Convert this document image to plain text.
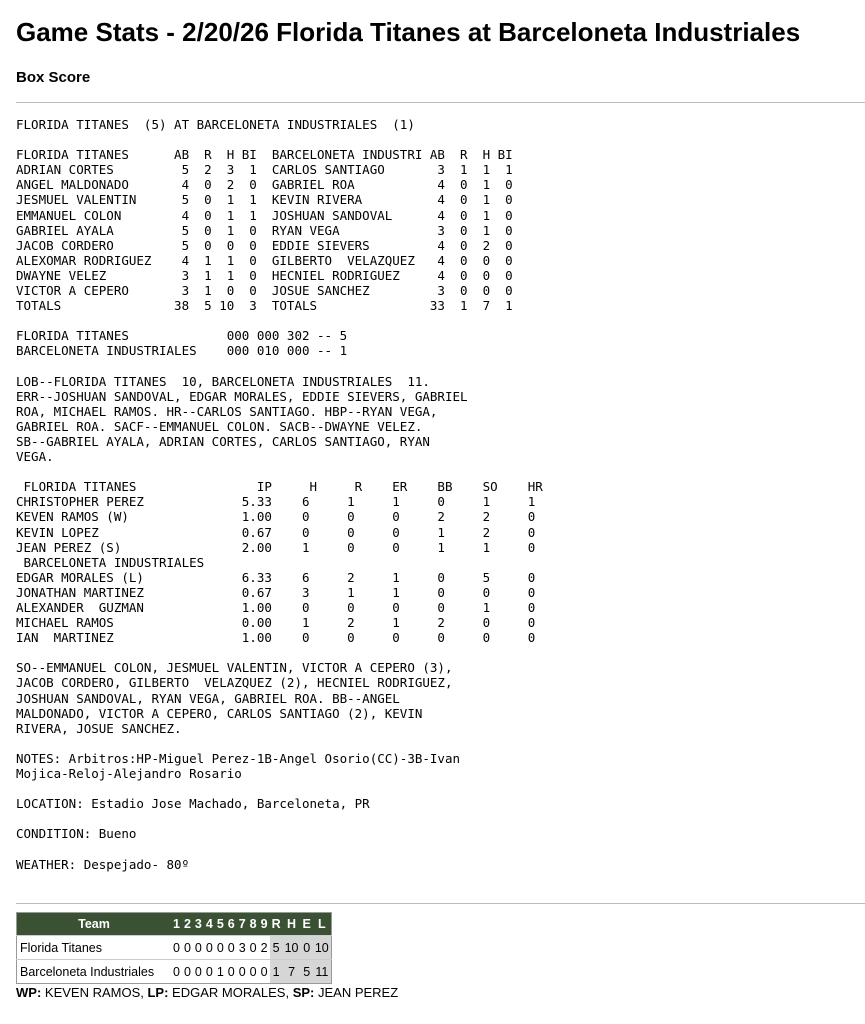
Game Stats - 2/20/26 Florida Titanes at Barceloneta Industriales
Box Score
FLORIDA TITANES  (5) AT BARCELONETA INDUSTRIALES  (1)

FLORIDA TITANES      AB  R  H BI  BARCELONETA INDUSTRI AB  R  H BI
ADRIAN CORTES         5  2  3  1  CARLOS SANTIAGO       3  1  1  1
ANGEL MALDONADO       4  0  2  0  GABRIEL ROA           4  0  1  0
JESMUEL VALENTIN      5  0  1  1  KEVIN RIVERA          4  0  1  0
EMMANUEL COLON        4  0  1  1  JOSHUAN SANDOVAL      4  0  1  0
GABRIEL AYALA         5  0  1  0  RYAN VEGA             3  0  1  0
JACOB CORDERO         5  0  0  0  EDDIE SIEVERS         4  0  2  0
ALEXOMAR RODRIGUEZ    4  1  1  0  GILBERTO  VELAZQUEZ   4  0  0  0
DWAYNE VELEZ          3  1  1  0  HECNIEL RODRIGUEZ     4  0  0  0
VICTOR A CEPERO       3  1  0  0  JOSUE SANCHEZ         3  0  0  0
TOTALS               38  5 10  3  TOTALS               33  1  7  1

FLORIDA TITANES             000 000 302 -- 5
BARCELONETA INDUSTRIALES    000 010 000 -- 1

LOB--FLORIDA TITANES  10, BARCELONETA INDUSTRIALES  11.
ERR--JOSHUAN SANDOVAL, EDGAR MORALES, EDDIE SIEVERS, GABRIEL
ROA, MICHAEL RAMOS. HR--CARLOS SANTIAGO. HBP--RYAN VEGA,
GABRIEL ROA. SACF--EMMANUEL COLON. SACB--DWAYNE VELEZ.
SB--GABRIEL AYALA, ADRIAN CORTES, CARLOS SANTIAGO, RYAN
VEGA.

FLORIDA TITANES                IP     H     R    ER    BB    SO    HR
CHRISTOPHER PEREZ             5.33    6     1     1     0     1     1
KEVEN RAMOS (W)               1.00    0     0     0     2     2     0
KEVIN LOPEZ                   0.67    0     0     0     1     2     0
JEAN PEREZ (S)                2.00    1     0     0     1     1     0
BARCELONETA INDUSTRIALES
EDGAR MORALES (L)             6.33    6     2     1     0     5     0
JONATHAN MARTINEZ             0.67    3     1     1     0     0     0
ALEXANDER  GUZMAN             1.00    0     0     0     0     1     0
MICHAEL RAMOS                 0.00    1     2     1     2     0     0
IAN  MARTINEZ                 1.00    0     0     0     0     0     0

SO--EMMANUEL COLON, JESMUEL VALENTIN, VICTOR A CEPERO (3),
JACOB CORDERO, GILBERTO  VELAZQUEZ (2), HECNIEL RODRIGUEZ,
JOSHUAN SANDOVAL, RYAN VEGA, GABRIEL ROA. BB--ANGEL
MALDONADO, VICTOR A CEPERO, CARLOS SANTIAGO (2), KEVIN
RIVERA, JOSUE SANCHEZ.

NOTES: Arbitros:HP-Miguel Perez-1B-Angel Osorio(CC)-3B-Ivan
Mojica-Reloj-Alejandro Rosario

LOCATION: Estadio Jose Machado, Barceloneta, PR

CONDITION: Bueno

WEATHER: Despejado- 80º
Team	1	2	3	4	5	6	7	8	9	R	H	E	L
Florida Titanes	0	0	0	0	0	0	3	0	2	5	10	0	10
Barceloneta Industriales	0	0	0	0	1	0	0	0	0	1	7	5	11

WP: KEVEN RAMOS, LP: EDGAR MORALES, SP: JEAN PEREZ
